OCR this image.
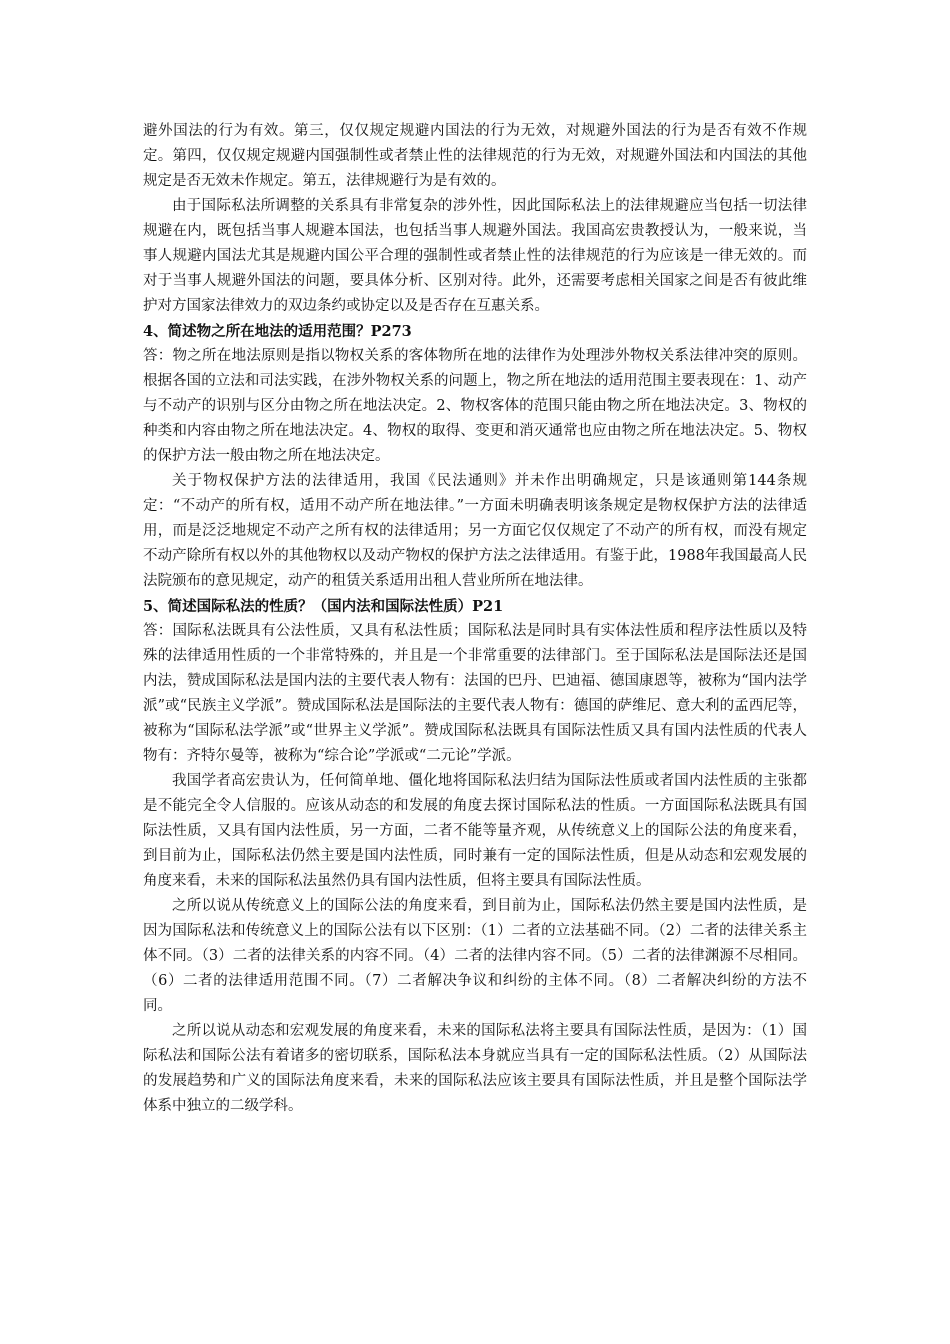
避外国法的行为有效。第三，仅仅规定规避内国法的行为无效，对规避外国法的行为是否有效不作规定。第四，仅仅规定规避内国强制性或者禁止性的法律规范的行为无效，对规避外国法和内国法的其他规定是否无效未作规定。第五，法律规避行为是有效的。

由于国际私法所调整的关系具有非常复杂的涉外性，因此国际私法上的法律规避应当包括一切法律规避在内，既包括当事人规避本国法，也包括当事人规避外国法。我国高宏贵教授认为，一般来说，当事人规避内国法尤其是规避内国公平合理的强制性或者禁止性的法律规范的行为应该是一律无效的。而对于当事人规避外国法的问题，要具体分析、区别对待。此外，还需要考虑相关国家之间是否有彼此维护对方国家法律效力的双边条约或协定以及是否存在互惠关系。

4、简述物之所在地法的适用范围？P273

答：物之所在地法原则是指以物权关系的客体物所在地的法律作为处理涉外物权关系法律冲突的原则。根据各国的立法和司法实践，在涉外物权关系的问题上，物之所在地法的适用范围主要表现在：1、动产与不动产的识别与区分由物之所在地法决定。2、物权客体的范围只能由物之所在地法决定。3、物权的种类和内容由物之所在地法决定。4、物权的取得、变更和消灭通常也应由物之所在地法决定。5、物权的保护方法一般由物之所在地法决定。

关于物权保护方法的法律适用，我国《民法通则》并未作出明确规定，只是该通则第144条规定：“不动产的所有权，适用不动产所在地法律。”一方面未明确表明该条规定是物权保护方法的法律适用，而是泛泛地规定不动产之所有权的法律适用；另一方面它仅仅规定了不动产的所有权，而没有规定不动产除所有权以外的其他物权以及动产物权的保护方法之法律适用。有鉴于此，1988年我国最高人民法院颁布的意见规定，动产的租赁关系适用出租人营业所所在地法律。

5、简述国际私法的性质？（国内法和国际法性质）P21

答：国际私法既具有公法性质，又具有私法性质；国际私法是同时具有实体法性质和程序法性质以及特殊的法律适用性质的一个非常特殊的，并且是一个非常重要的法律部门。至于国际私法是国际法还是国内法，赞成国际私法是国内法的主要代表人物有：法国的巴丹、巴迪福、德国康恩等，被称为“国内法学派”或“民族主义学派”。赞成国际私法是国际法的主要代表人物有：德国的萨维尼、意大利的孟西尼等，被称为“国际私法学派”或“世界主义学派”。赞成国际私法既具有国际法性质又具有国内法性质的代表人物有：齐特尔曼等，被称为“综合论”学派或“二元论”学派。

我国学者高宏贵认为，任何简单地、僵化地将国际私法归结为国际法性质或者国内法性质的主张都是不能完全令人信服的。应该从动态的和发展的角度去探讨国际私法的性质。一方面国际私法既具有国际法性质，又具有国内法性质，另一方面，二者不能等量齐观，从传统意义上的国际公法的角度来看，到目前为止，国际私法仍然主要是国内法性质，同时兼有一定的国际法性质，但是从动态和宏观发展的角度来看，未来的国际私法虽然仍具有国内法性质，但将主要具有国际法性质。

之所以说从传统意义上的国际公法的角度来看，到目前为止，国际私法仍然主要是国内法性质，是因为国际私法和传统意义上的国际公法有以下区别：（1）二者的立法基础不同。（2）二者的法律关系主体不同。（3）二者的法律关系的内容不同。（4）二者的法律内容不同。（5）二者的法律渊源不尽相同。（6）二者的法律适用范围不同。（7）二者解决争议和纠纷的主体不同。（8）二者解决纠纷的方法不同。

之所以说从动态和宏观发展的角度来看，未来的国际私法将主要具有国际法性质，是因为：（1）国际私法和国际公法有着诸多的密切联系，国际私法本身就应当具有一定的国际私法性质。（2）从国际法的发展趋势和广义的国际法角度来看，未来的国际私法应该主要具有国际法性质，并且是整个国际法学体系中独立的二级学科。
